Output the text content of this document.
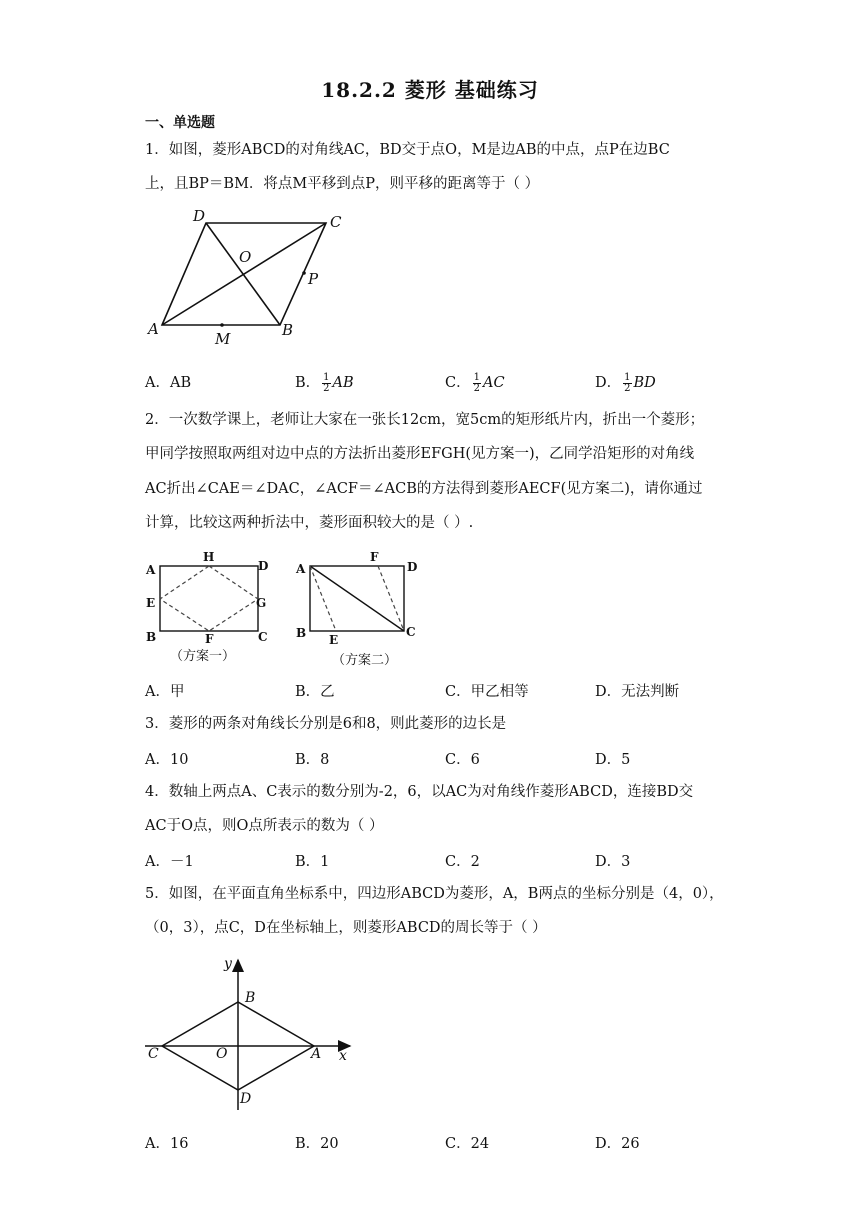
18.2.2 菱形 基础练习
一、单选题
1．如图，菱形ABCD的对角线AC，BD交于点O，M是边AB的中点，点P在边BC
上，且BP＝BM．将点M平移到点P，则平移的距离等于（ ）
D	C
O
P
A	B
M
A．AB	B． $\frac{1}{2}$ AB	C． $\frac{1}{2}$ AC	D． $\frac{1}{2}$ BD
2．一次数学课上，老师让大家在一张长12cm，宽5cm的矩形纸片内，折出一个菱形；
甲同学按照取两组对边中点的方法折出菱形EFGH(见方案一)，乙同学沿矩形的对角线
AC折出∠CAE＝∠DAC，∠ACF＝∠ACB的方法得到菱形AECF(见方案二)，请你通过
计算，比较这两种折法中，菱形面积较大的是（ ）.
A
H
D
E	G
B	F	C
（方案一）
A
F
D
B E
C
（方案二）
A．甲	B．乙	C．甲乙相等	D．无法判断
3．菱形的两条对角线长分别是6和8，则此菱形的边长是
A．10	B．8	C．6	D．5
4．数轴上两点A、C表示的数分别为-2，6，以AC为对角线作菱形ABCD，连接BD交
AC于O点，则O点所表示的数为（ ）
A．－1	B．1	C．2	D．3
5．如图，在平面直角坐标系中，四边形ABCD为菱形，A，B两点的坐标分别是（4，0），
（0，3），点C，D在坐标轴上，则菱形ABCD的周长等于（ ）
y
x
B
C	O	A
D
A．16	B．20	C．24	D．26
